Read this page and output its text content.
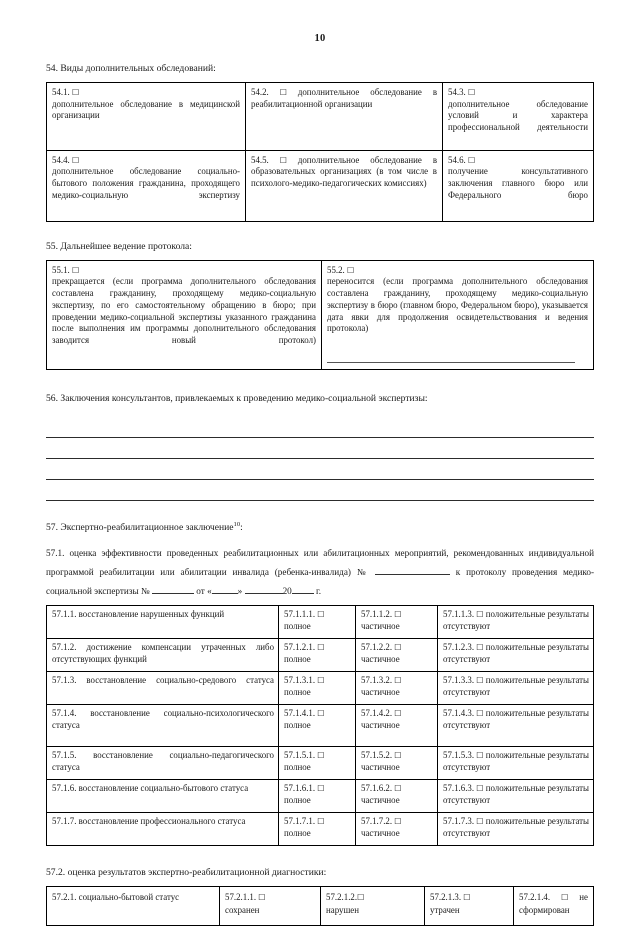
10
54. Виды дополнительных обследований:
54.1. ☐
дополнительное обследование в медицинской организации	54.2. ☐ дополнительное обследование в реабилитационной организации	54.3. ☐
дополнительное обследование условий и характера профессиональной деятельности

54.4. ☐
дополнительное обследование социально-бытового положения гражданина, проходящего медико-социальную экспертизу	54.5. ☐ дополнительное обследование в образовательных организациях (в том числе в психолого-медико-педагогических комиссиях)	54.6. ☐
получение консультативного заключения главного бюро или Федерального бюро
55. Дальнейшее ведение протокола:
55.1. ☐
прекращается (если программа дополнительного обследования составлена гражданину, проходящему медико-социальную экспертизу, по его самостоятельному обращению в бюро; при проведении медико-социальной экспертизы указанного гражданина после выполнения им программы дополнительного обследования заводится новый протокол)
	55.2. ☐
переносится (если программа дополнительного обследования составлена гражданину, проходящему медико-социальную экспертизу в бюро (главном бюро, Федеральном бюро), указывается дата явки для продолжения освидетельствования и ведения протокола)
56. Заключения консультантов, привлекаемых к проведению медико-социальной экспертизы:
57. Экспертно-реабилитационное заключение$^{10}$:
57.1. оценка эффективности проведенных реабилитационных или абилитационных мероприятий, рекомендованных индивидуальной программой реабилитации или абилитации инвалида (ребенка-инвалида) №	к протоколу проведения медико-социальной экспертизы №	от «	»	20	г.
57.1.1. восстановление нарушенных функций	57.1.1.1. ☐
полное	57.1.1.2. ☐
частичное	57.1.1.3. ☐ положительные результаты отсутствуют
57.1.2. достижение компенсации утраченных либо отсутствующих функций	57.1.2.1. ☐
полное	57.1.2.2. ☐
частичное	57.1.2.3. ☐ положительные результаты отсутствуют
57.1.3. восстановление социально-средового статуса	57.1.3.1. ☐
полное	57.1.3.2. ☐
частичное	57.1.3.3. ☐ положительные результаты отсутствуют
57.1.4. восстановление социально-психологического статуса	57.1.4.1. ☐
полное	57.1.4.2. ☐
частичное	57.1.4.3. ☐ положительные результаты отсутствуют
57.1.5. восстановление социально-педагогического статуса	57.1.5.1. ☐
полное	57.1.5.2. ☐
частичное	57.1.5.3. ☐ положительные результаты отсутствуют
57.1.6. восстановление социально-бытового статуса	57.1.6.1. ☐
полное	57.1.6.2. ☐
частичное	57.1.6.3. ☐ положительные результаты отсутствуют
57.1.7. восстановление профессионального статуса	57.1.7.1. ☐
полное	57.1.7.2. ☐
частичное	57.1.7.3. ☐ положительные результаты отсутствуют
57.2. оценка результатов экспертно-реабилитационной диагностики:
57.2.1. социально-бытовой статус	57.2.1.1. ☐
сохранен
	57.2.1.2.☐
нарушен
	57.2.1.3. ☐
утрачен
	57.2.1.4. ☐ не сформирован
